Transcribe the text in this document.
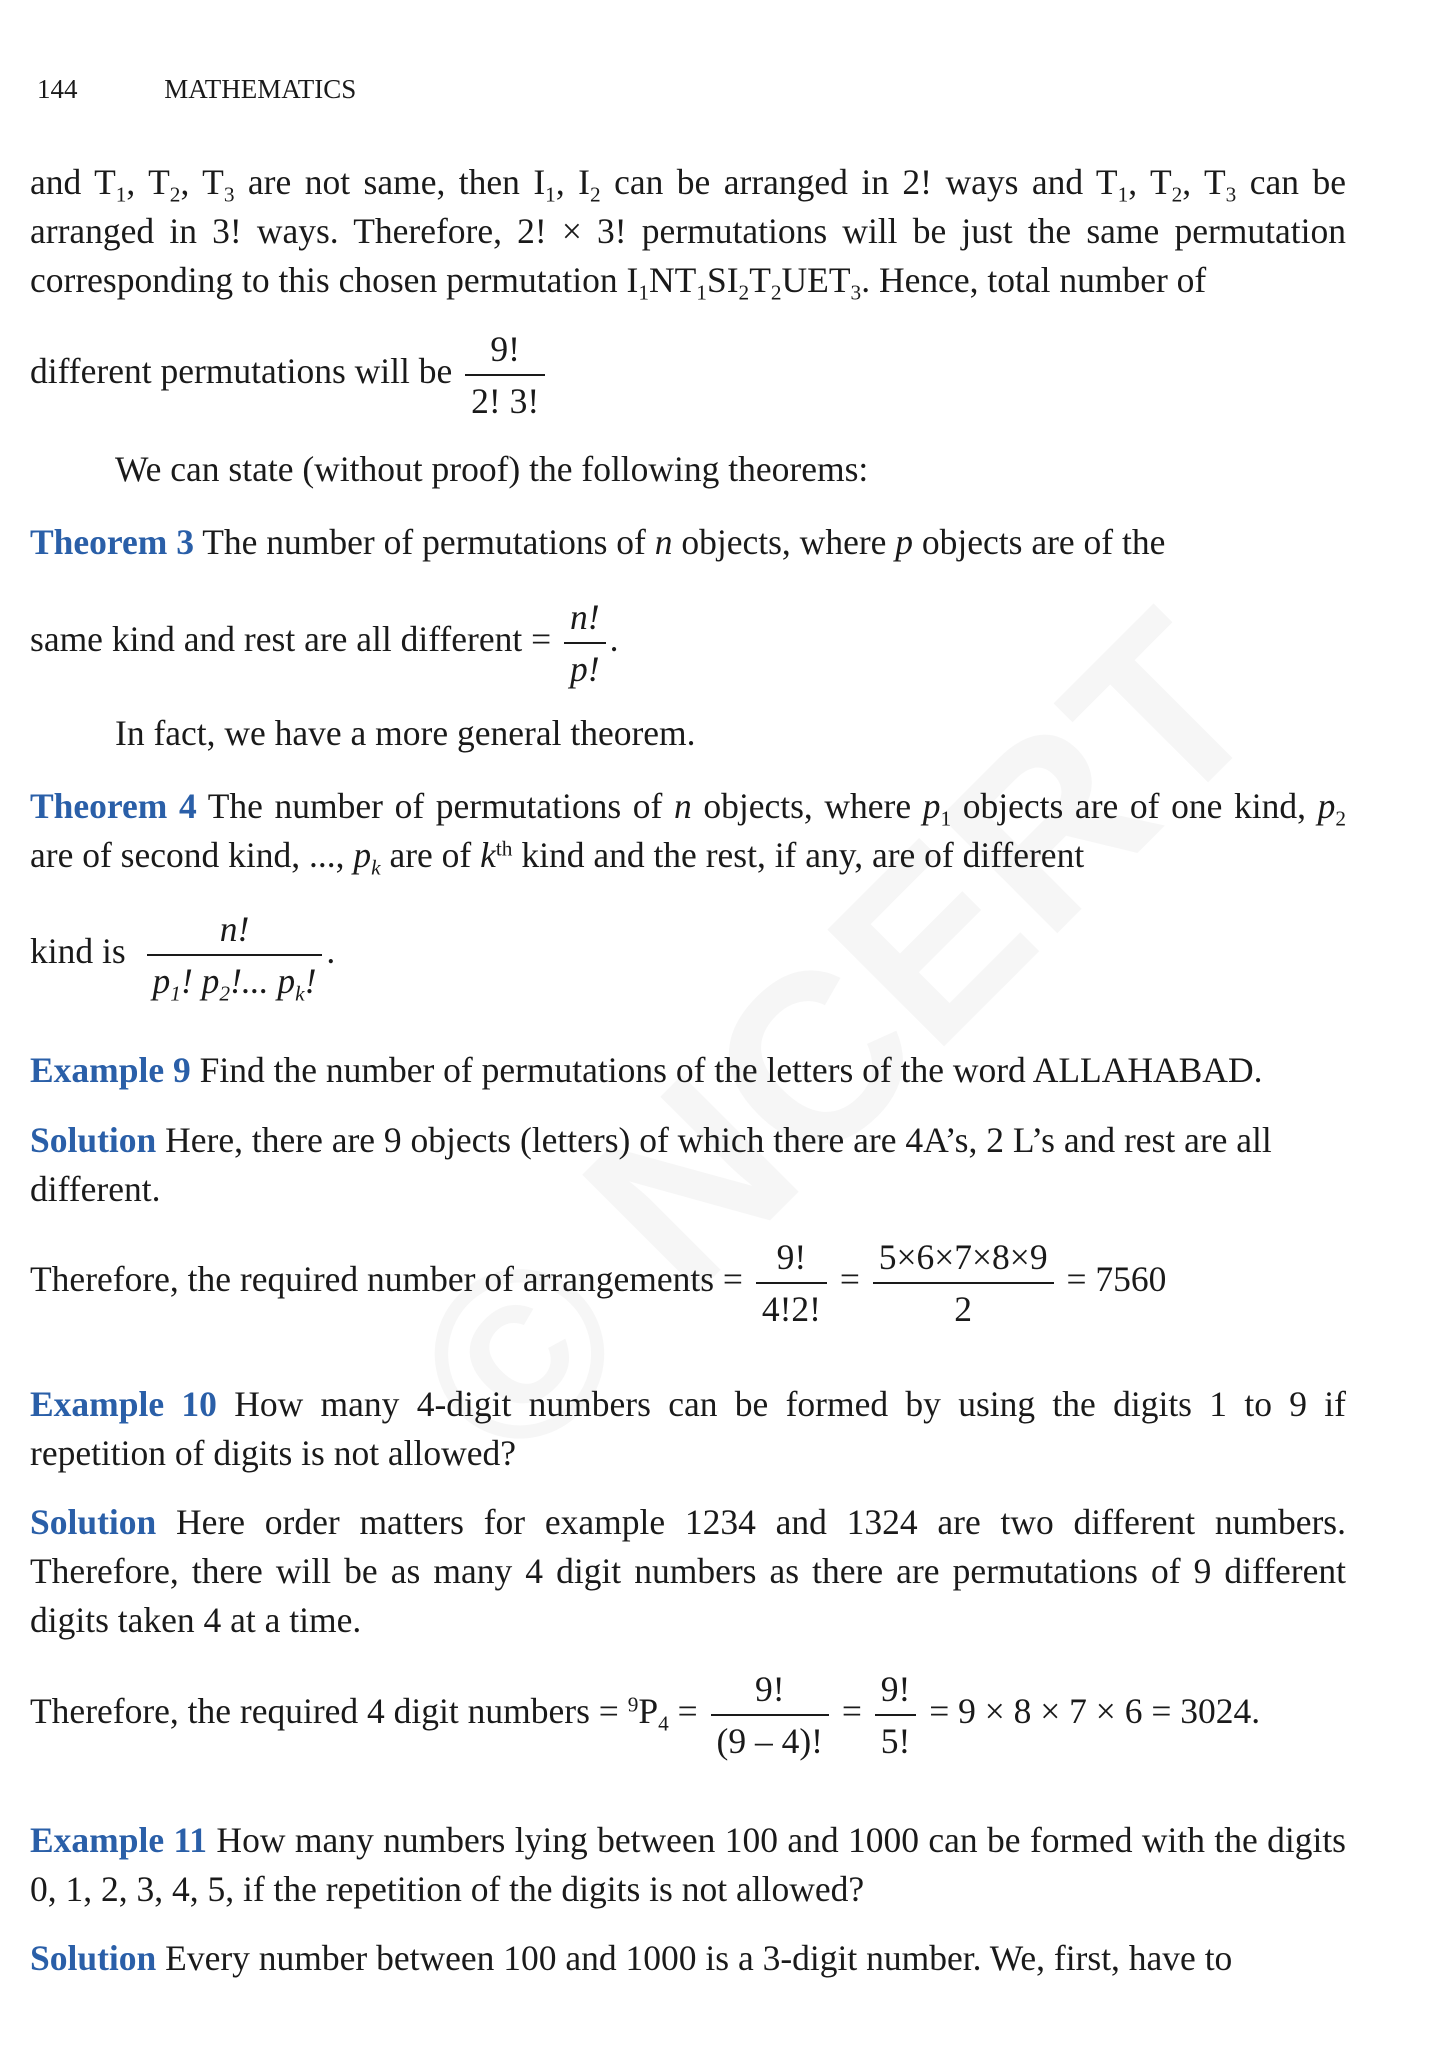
144	MATHEMATICS
and $T_1$, $T_2$, $T_3$ are not same, then $I_1$, $I_2$ can be arranged in 2! ways and $T_1$, $T_2$, $T_3$ can be arranged in 3! ways. Therefore, 2! × 3! permutations will be just the same permutation corresponding to this chosen permutation $I_1NT_1SI_2T_2UET_3$. Hence, total number of
different permutations will be $\frac{9!}{2! 3!}$
We can state (without proof) the following theorems:
Theorem 3 The number of permutations of n objects, where p objects are of the
same kind and rest are all different = $\frac{n!}{p!}$ .
In fact, we have a more general theorem.
Theorem 4 The number of permutations of n objects, where $p_1$ objects are of one kind, $p_2$ are of second kind, ..., $p_k$ are of $k^{th}$ kind and the rest, if any, are of different
kind is $\frac{n!}{p_1! p_2!... p_k!}$ .
Example 9 Find the number of permutations of the letters of the word ALLAHABAD.
Solution Here, there are 9 objects (letters) of which there are 4A’s, 2 L’s and rest are all different.
Therefore, the required number of arrangements = $\frac{9!}{4!2!} = \frac{5\times 6\times 7\times 8\times 9}{2} = 7560$
Example 10 How many 4-digit numbers can be formed by using the digits 1 to 9 if repetition of digits is not allowed?
Solution Here order matters for example 1234 and 1324 are two different numbers. Therefore, there will be as many 4 digit numbers as there are permutations of 9 different digits taken 4 at a time.
Therefore, the required 4 digit numbers = $^9P_4 = \frac{9!}{(9 - 4)!} = \frac{9!}{5!} = 9 \times 8 \times 7 \times 6 = 3024$.
Example 11 How many numbers lying between 100 and 1000 can be formed with the digits 0, 1, 2, 3, 4, 5, if the repetition of the digits is not allowed?
Solution Every number between 100 and 1000 is a 3-digit number. We, first, have to
